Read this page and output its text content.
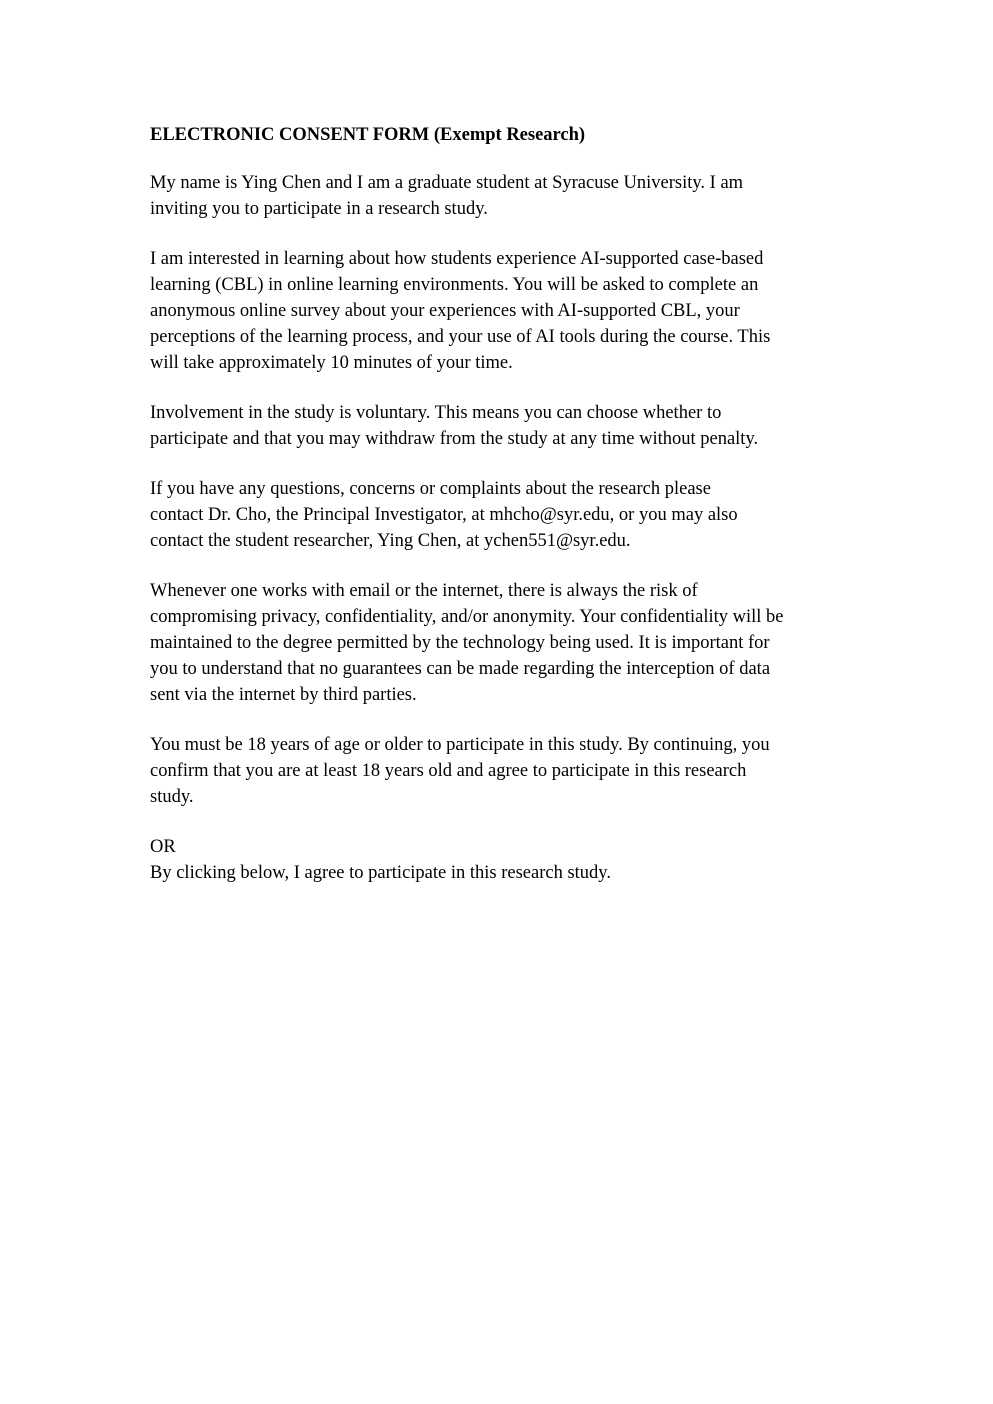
ELECTRONIC CONSENT FORM (Exempt Research)
My name is Ying Chen and I am a graduate student at Syracuse University. I am
inviting you to participate in a research study.
I am interested in learning about how students experience AI-supported case-based
learning (CBL) in online learning environments. You will be asked to complete an
anonymous online survey about your experiences with AI-supported CBL, your
perceptions of the learning process, and your use of AI tools during the course. This
will take approximately 10 minutes of your time.
Involvement in the study is voluntary. This means you can choose whether to
participate and that you may withdraw from the study at any time without penalty.
If you have any questions, concerns or complaints about the research please
contact Dr. Cho, the Principal Investigator, at mhcho@syr.edu, or you may also
contact the student researcher, Ying Chen, at ychen551@syr.edu.
Whenever one works with email or the internet, there is always the risk of
compromising privacy, confidentiality, and/or anonymity. Your confidentiality will be
maintained to the degree permitted by the technology being used. It is important for
you to understand that no guarantees can be made regarding the interception of data
sent via the internet by third parties.
You must be 18 years of age or older to participate in this study. By continuing, you
confirm that you are at least 18 years old and agree to participate in this research
study.
OR
By clicking below, I agree to participate in this research study.
